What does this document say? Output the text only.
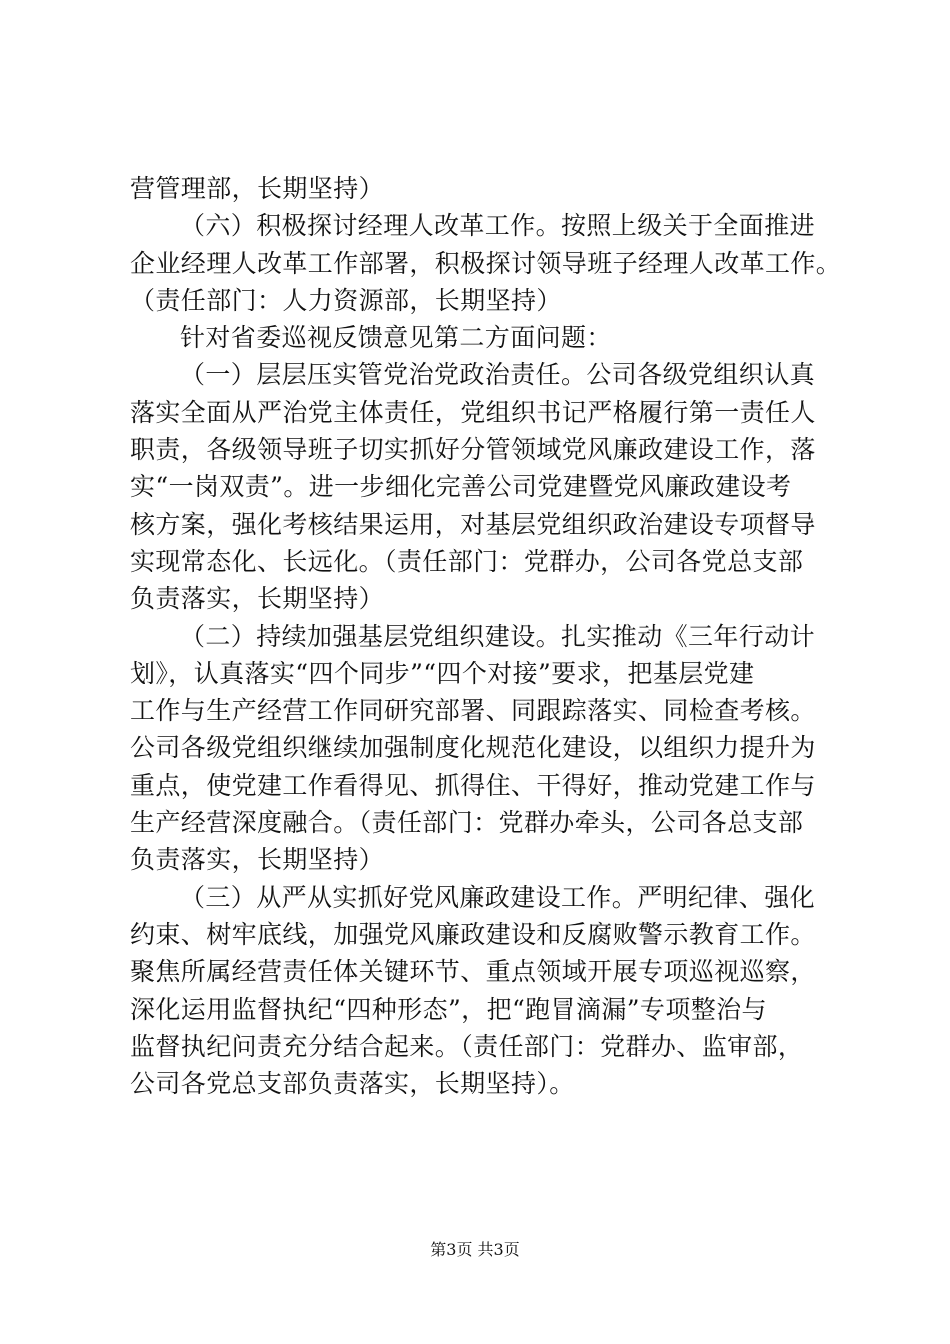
营管理部，长期坚持）
（六）积极探讨经理人改革工作。按照上级关于全面推进
企业经理人改革工作部署，积极探讨领导班子经理人改革工作。
（责任部门：人力资源部，长期坚持）
针对省委巡视反馈意见第二方面问题：
（一）层层压实管党治党政治责任。公司各级党组织认真
落实全面从严治党主体责任，党组织书记严格履行第一责任人
职责，各级领导班子切实抓好分管领域党风廉政建设工作，落
实“一岗双责”。进一步细化完善公司党建暨党风廉政建设考
核方案，强化考核结果运用，对基层党组织政治建设专项督导
实现常态化、长远化。（责任部门：党群办，公司各党总支部
负责落实，长期坚持）
（二）持续加强基层党组织建设。扎实推动《三年行动计
划》，认真落实“四个同步”“四个对接”要求，把基层党建
工作与生产经营工作同研究部署、同跟踪落实、同检查考核。
公司各级党组织继续加强制度化规范化建设，以组织力提升为
重点，使党建工作看得见、抓得住、干得好，推动党建工作与
生产经营深度融合。（责任部门：党群办牵头，公司各总支部
负责落实，长期坚持）
（三）从严从实抓好党风廉政建设工作。严明纪律、强化
约束、树牢底线，加强党风廉政建设和反腐败警示教育工作。
聚焦所属经营责任体关键环节、重点领域开展专项巡视巡察，
深化运用监督执纪“四种形态”，把“跑冒滴漏”专项整治与
监督执纪问责充分结合起来。（责任部门：党群办、监审部，
公司各党总支部负责落实，长期坚持）。
第3页 共3页
